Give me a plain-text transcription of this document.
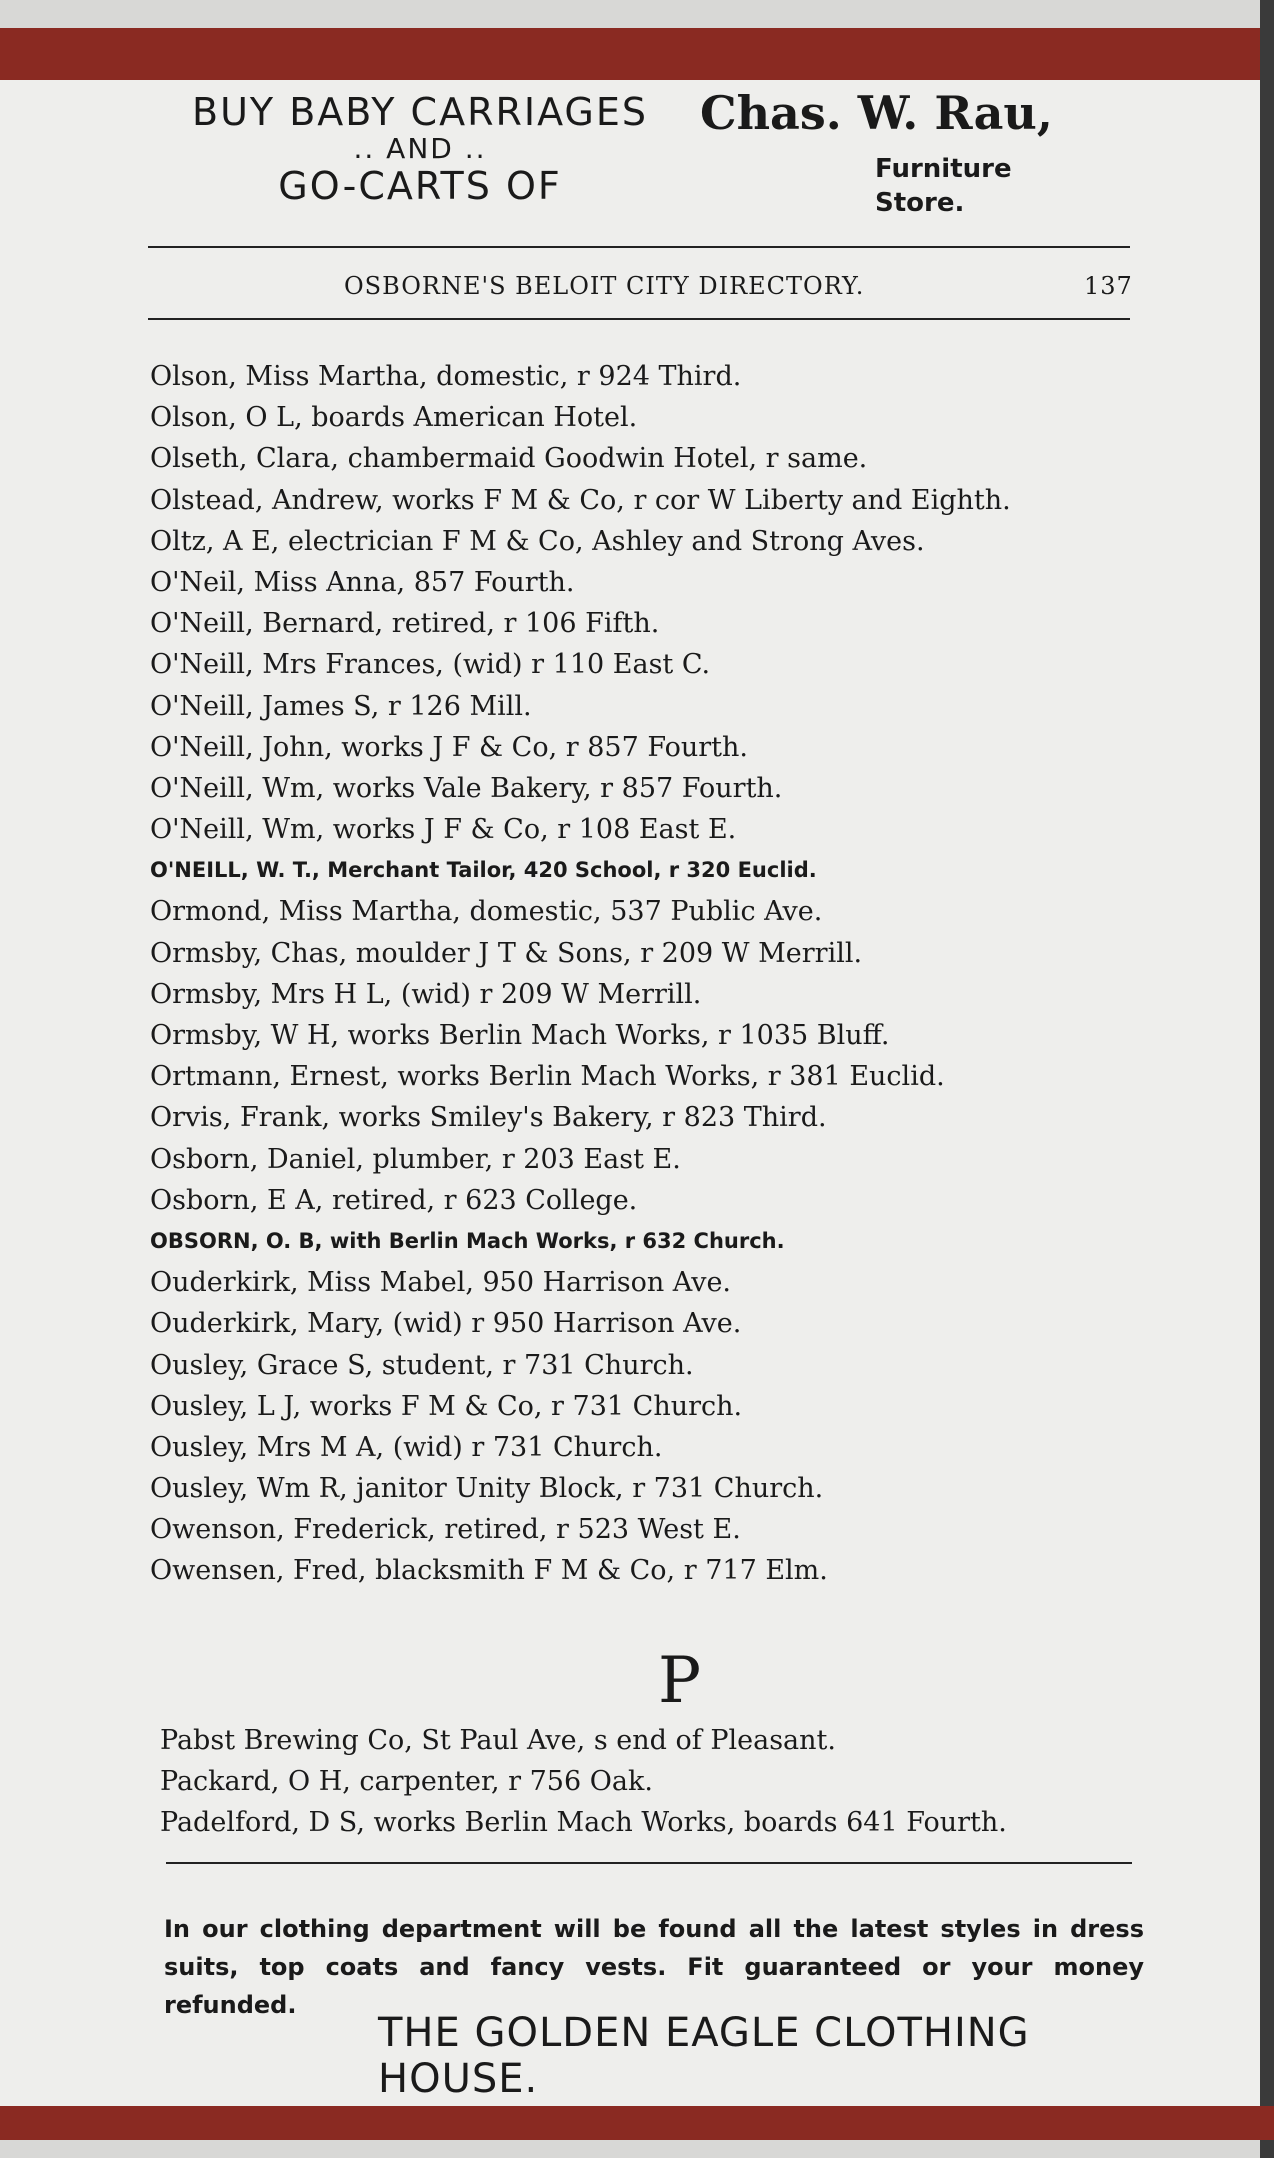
BUY BABY CARRIAGES
.. AND ..
GO-CARTS OF
Chas. W. Rau,
Furniture
Store.
OSBORNE'S BELOIT CITY DIRECTORY.	137
Olson, Miss Martha, domestic, r 924 Third.
Olson, O L, boards American Hotel.
Olseth, Clara, chambermaid Goodwin Hotel, r same.
Olstead, Andrew, works F M & Co, r cor W Liberty and Eighth.
Oltz, A E, electrician F M & Co, Ashley and Strong Aves.
O'Neil, Miss Anna, 857 Fourth.
O'Neill, Bernard, retired, r 106 Fifth.
O'Neill, Mrs Frances, (wid) r 110 East C.
O'Neill, James S, r 126 Mill.
O'Neill, John, works J F & Co, r 857 Fourth.
O'Neill, Wm, works Vale Bakery, r 857 Fourth.
O'Neill, Wm, works J F & Co, r 108 East E.
O'NEILL, W. T., Merchant Tailor, 420 School, r 320 Euclid.
Ormond, Miss Martha, domestic, 537 Public Ave.
Ormsby, Chas, moulder J T & Sons, r 209 W Merrill.
Ormsby, Mrs H L, (wid) r 209 W Merrill.
Ormsby, W H, works Berlin Mach Works, r 1035 Bluff.
Ortmann, Ernest, works Berlin Mach Works, r 381 Euclid.
Orvis, Frank, works Smiley's Bakery, r 823 Third.
Osborn, Daniel, plumber, r 203 East E.
Osborn, E A, retired, r 623 College.
OBSORN, O. B, with Berlin Mach Works, r 632 Church.
Ouderkirk, Miss Mabel, 950 Harrison Ave.
Ouderkirk, Mary, (wid) r 950 Harrison Ave.
Ousley, Grace S, student, r 731 Church.
Ousley, L J, works F M & Co, r 731 Church.
Ousley, Mrs M A, (wid) r 731 Church.
Ousley, Wm R, janitor Unity Block, r 731 Church.
Owenson, Frederick, retired, r 523 West E.
Owensen, Fred, blacksmith F M & Co, r 717 Elm.
P
Pabst Brewing Co, St Paul Ave, s end of Pleasant.
Packard, O H, carpenter, r 756 Oak.
Padelford, D S, works Berlin Mach Works, boards 641 Fourth.
In our clothing department will be found all the latest styles in dress suits, top coats and fancy vests. Fit guaranteed or your money refunded.
THE GOLDEN EAGLE CLOTHING HOUSE.
